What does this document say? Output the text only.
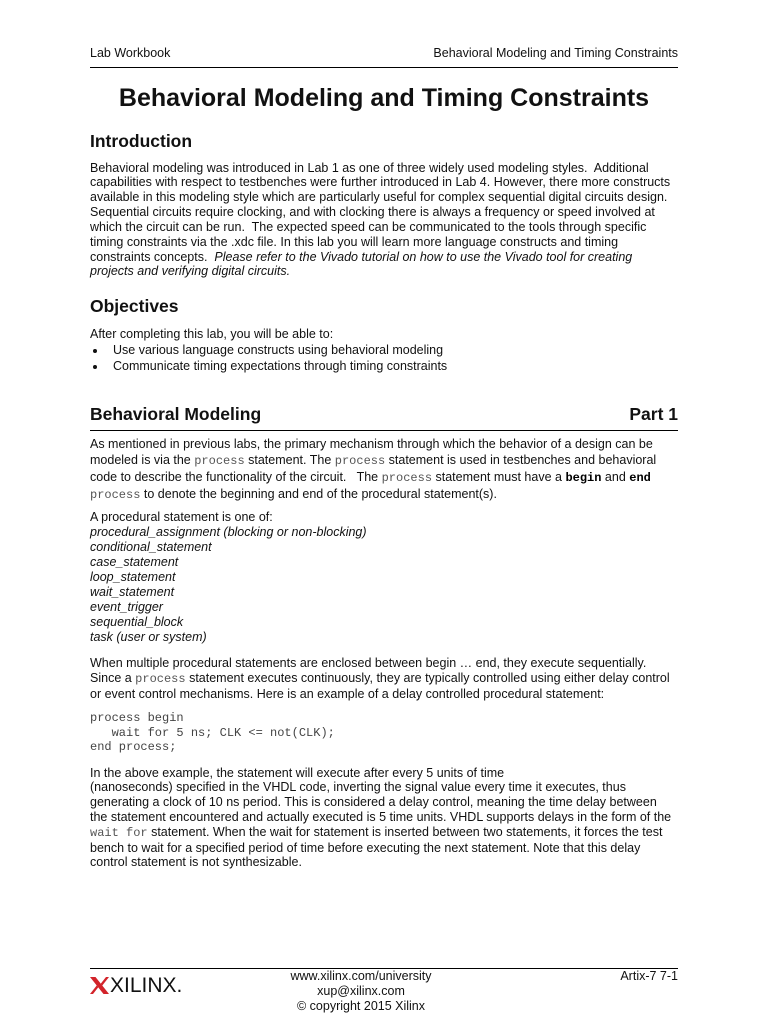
Lab Workbook	Behavioral Modeling and Timing Constraints
Behavioral Modeling and Timing Constraints
Introduction
Behavioral modeling was introduced in Lab 1 as one of three widely used modeling styles.  Additional
capabilities with respect to testbenches were further introduced in Lab 4. However, there more constructs
available in this modeling style which are particularly useful for complex sequential digital circuits design.
Sequential circuits require clocking, and with clocking there is always a frequency or speed involved at
which the circuit can be run.  The expected speed can be communicated to the tools through specific
timing constraints via the .xdc file. In this lab you will learn more language constructs and timing
constraints concepts.  Please refer to the Vivado tutorial on how to use the Vivado tool for creating
projects and verifying digital circuits.
Objectives
After completing this lab, you will be able to:
Use various language constructs using behavioral modeling
Communicate timing expectations through timing constraints
Behavioral Modeling	Part 1
As mentioned in previous labs, the primary mechanism through which the behavior of a design can be
modeled is via the process statement. The process statement is used in testbenches and behavioral
code to describe the functionality of the circuit.   The process statement must have a begin and end
process to denote the beginning and end of the procedural statement(s).
A procedural statement is one of:
procedural_assignment (blocking or non-blocking)
conditional_statement
case_statement
loop_statement
wait_statement
event_trigger
sequential_block
task (user or system)
When multiple procedural statements are enclosed between begin … end, they execute sequentially.
Since a process statement executes continuously, they are typically controlled using either delay control
or event control mechanisms. Here is an example of a delay controlled procedural statement:
process begin
wait for 5 ns; CLK <= not(CLK);
end process;
In the above example, the statement will execute after every 5 units of time
(nanoseconds) specified in the VHDL code, inverting the signal value every time it executes, thus
generating a clock of 10 ns period. This is considered a delay control, meaning the time delay between
the statement encountered and actually executed is 5 time units. VHDL supports delays in the form of the
wait for statement. When the wait for statement is inserted between two statements, it forces the test
bench to wait for a specified period of time before executing the next statement. Note that this delay
control statement is not synthesizable.
XILINX.	www.xilinx.com/university
xup@xilinx.com
© copyright 2015 Xilinx
Artix-7 7-1
